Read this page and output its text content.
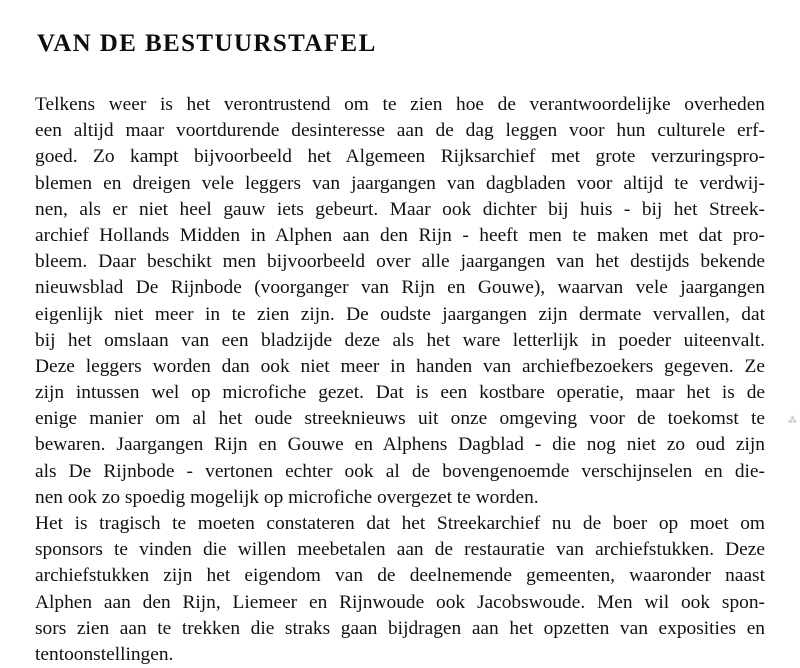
VAN DE BESTUURSTAFEL
Telkens weer is het verontrustend om te zien hoe de verantwoordelijke overheden
een altijd maar voortdurende desinteresse aan de dag leggen voor hun culturele erf-
goed. Zo kampt bijvoorbeeld het Algemeen Rijksarchief met grote verzuringspro-
blemen en dreigen vele leggers van jaargangen van dagbladen voor altijd te verdwij-
nen, als er niet heel gauw iets gebeurt. Maar ook dichter bij huis - bij het Streek-
archief Hollands Midden in Alphen aan den Rijn - heeft men te maken met dat pro-
bleem. Daar beschikt men bijvoorbeeld over alle jaargangen van het destijds bekende
nieuwsblad De Rijnbode (voorganger van Rijn en Gouwe), waarvan vele jaargangen
eigenlijk niet meer in te zien zijn. De oudste jaargangen zijn dermate vervallen, dat
bij het omslaan van een bladzijde deze als het ware letterlijk in poeder uiteenvalt.
Deze leggers worden dan ook niet meer in handen van archiefbezoekers gegeven. Ze
zijn intussen wel op microfiche gezet. Dat is een kostbare operatie, maar het is de
enige manier om al het oude streeknieuws uit onze omgeving voor de toekomst te
bewaren. Jaargangen Rijn en Gouwe en Alphens Dagblad - die nog niet zo oud zijn
als De Rijnbode - vertonen echter ook al de bovengenoemde verschijnselen en die-
nen ook zo spoedig mogelijk op microfiche overgezet te worden.
Het is tragisch te moeten constateren dat het Streekarchief nu de boer op moet om
sponsors te vinden die willen meebetalen aan de restauratie van archiefstukken. Deze
archiefstukken zijn het eigendom van de deelnemende gemeenten, waaronder naast
Alphen aan den Rijn, Liemeer en Rijnwoude ook Jacobswoude. Men wil ook spon-
sors zien aan te trekken die straks gaan bijdragen aan het opzetten van exposities en
tentoonstellingen.
⁂
